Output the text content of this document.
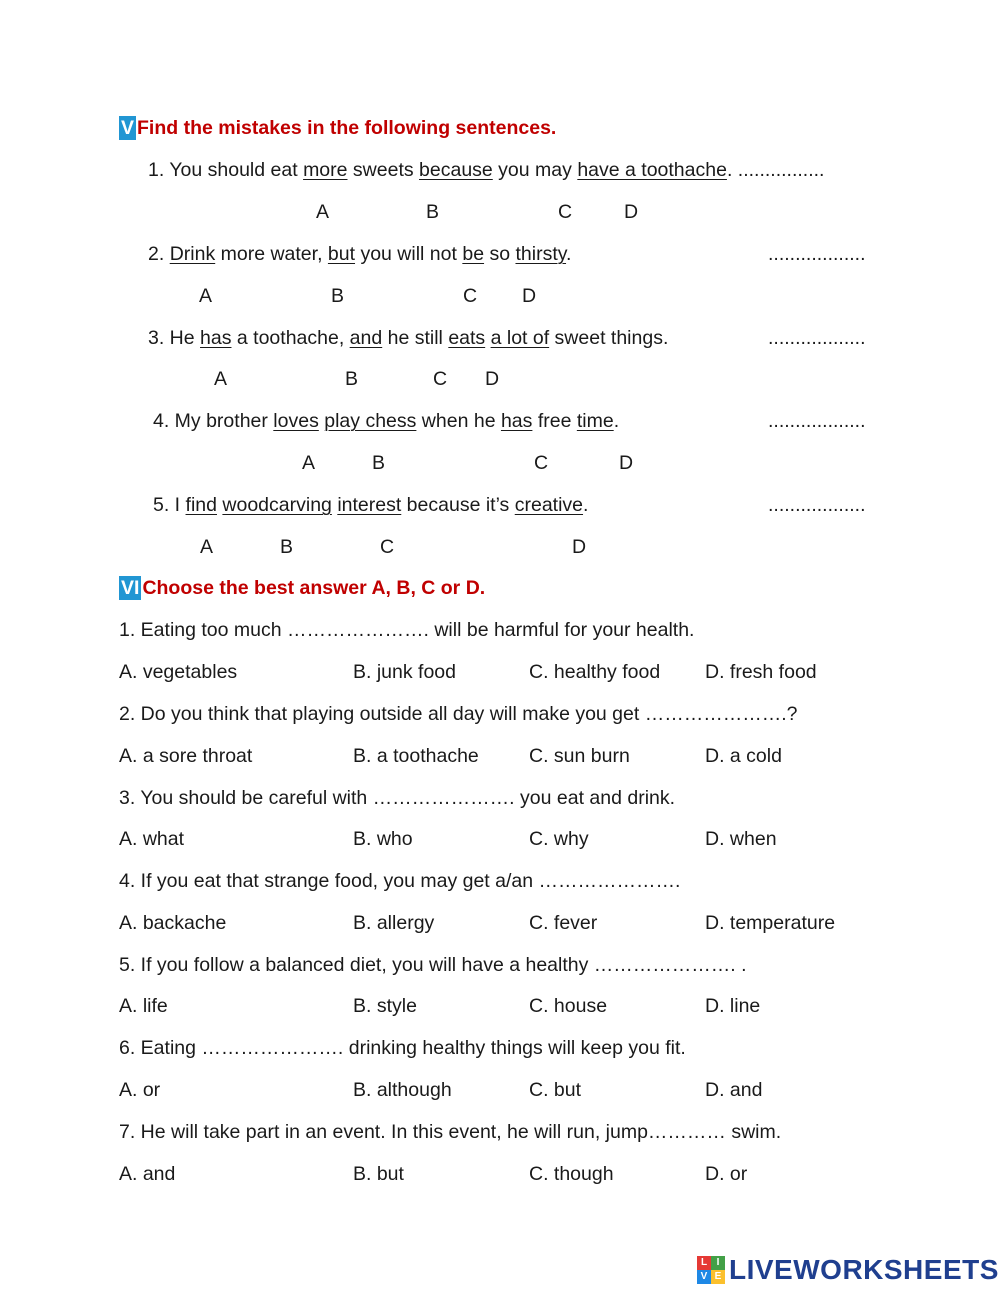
V Find the mistakes in the following sentences.
1. You should eat more sweets because you may have a toothache. ................
2. Drink more water, but you will not be so thirsty.
3. He has a toothache, and he still eats a lot of sweet things.
4. My brother loves play chess when he has free time.
5. I find woodcarving interest because it’s creative.
..................
..................
..................
..................
A	B	C	D
A	B	C D
A	B	C D
A	B	C	D
A	B	C	D
VI Choose the best answer A, B, C or D.
1. Eating too much …………………. will be harmful for your health.
A. vegetables	B. junk food	C. healthy food D. fresh food
2. Do you think that playing outside all day will make you get ………………….?
A. a sore throat	B. a toothache	C. sun burn	D. a cold
3. You should be careful with …………………. you eat and drink.
A. what	B. who	C. why	D. when
4. If you eat that strange food, you may get a/an ………………….
A. backache	B. allergy	C. fever	D. temperature
5. If you follow a balanced diet, you will have a healthy …………………. .
A. life	B. style	C. house	D. line
6. Eating …………………. drinking healthy things will keep you fit.
A. or	B. although	C. but	D. and
7. He will take part in an event. In this event, he will run, jump………… swim.
A. and	B. but	C. though	D. or
L I
V E LIVEWORKSHEETS
